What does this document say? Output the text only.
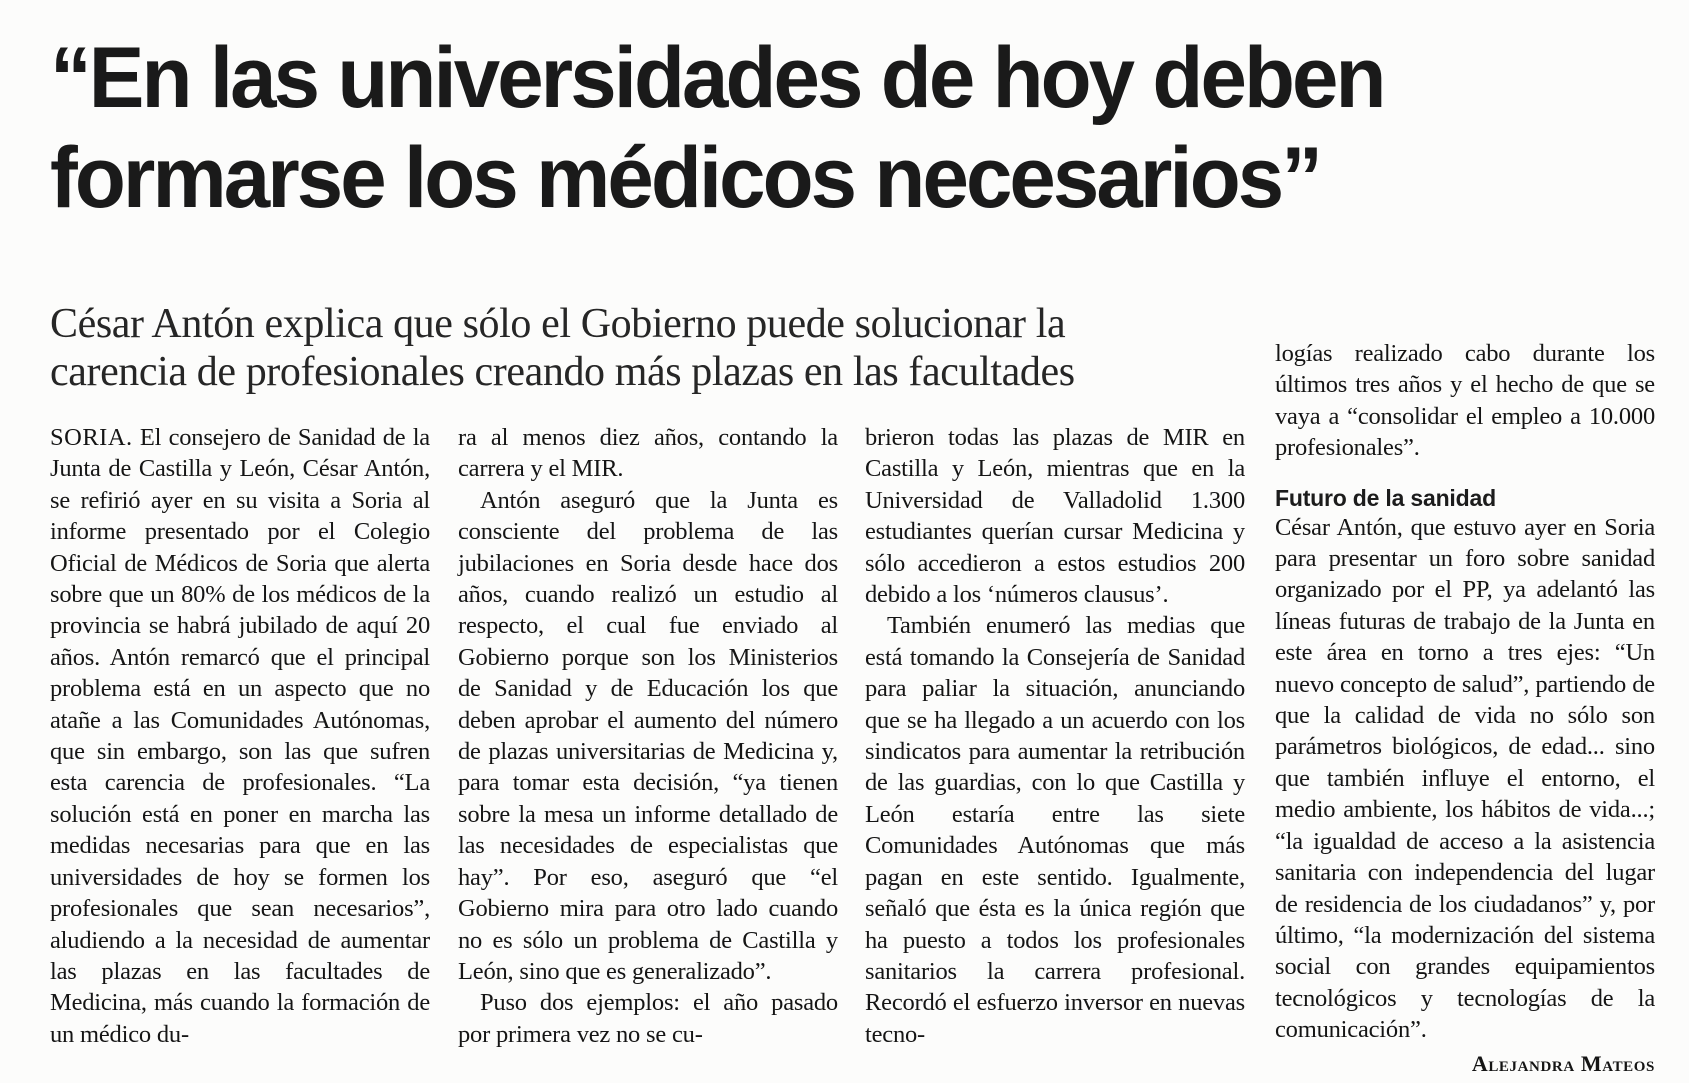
“En las universidades de hoy deben formarse los médicos necesarios”
César Antón explica que sólo el Gobierno puede solucionar la carencia de profesionales creando más plazas en las facultades

SORIA. El consejero de Sanidad de la Junta de Castilla y León, César Antón, se refirió ayer en su visita a Soria al informe presentado por el Colegio Oficial de Médicos de Soria que alerta sobre que un 80% de los médicos de la provincia se habrá jubilado de aquí 20 años. Antón remarcó que el principal problema está en un aspecto que no atañe a las Comunidades Autónomas, que sin embargo, son las que sufren esta carencia de profesionales. “La solución está en poner en marcha las medidas necesarias para que en las universidades de hoy se formen los profesionales que sean necesarios”, aludiendo a la necesidad de aumentar las plazas en las facultades de Medicina, más cuando la formación de un médico du-

ra al menos diez años, contando la carrera y el MIR.

Antón aseguró que la Junta es consciente del problema de las jubilaciones en Soria desde hace dos años, cuando realizó un estudio al respecto, el cual fue enviado al Gobierno porque son los Ministerios de Sanidad y de Educación los que deben aprobar el aumento del número de plazas universitarias de Medicina y, para tomar esta decisión, “ya tienen sobre la mesa un informe detallado de las necesidades de especialistas que hay”. Por eso, aseguró que “el Gobierno mira para otro lado cuando no es sólo un problema de Castilla y León, sino que es generalizado”.

Puso dos ejemplos: el año pasado por primera vez no se cu-

brieron todas las plazas de MIR en Castilla y León, mientras que en la Universidad de Valladolid 1.300 estudiantes querían cursar Medicina y sólo accedieron a estos estudios 200 debido a los ‘números clausus’.

También enumeró las medias que está tomando la Consejería de Sanidad para paliar la situación, anunciando que se ha llegado a un acuerdo con los sindicatos para aumentar la retribución de las guardias, con lo que Castilla y León estaría entre las siete Comunidades Autónomas que más pagan en este sentido. Igualmente, señaló que ésta es la única región que ha puesto a todos los profesionales sanitarios la carrera profesional. Recordó el esfuerzo inversor en nuevas tecno-

logías realizado cabo durante los últimos tres años y el hecho de que se vaya a “consolidar el empleo a 10.000 profesionales”.

Futuro de la sanidad

César Antón, que estuvo ayer en Soria para presentar un foro sobre sanidad organizado por el PP, ya adelantó las líneas futuras de trabajo de la Junta en este área en torno a tres ejes: “Un nuevo concepto de salud”, partiendo de que la calidad de vida no sólo son parámetros biológicos, de edad... sino que también influye el entorno, el medio ambiente, los hábitos de vida...; “la igualdad de acceso a la asistencia sanitaria con independencia del lugar de residencia de los ciudadanos” y, por último, “la modernización del sistema social con grandes equipamientos tecnológicos y tecnologías de la comunicación”.

Alejandra Mateos
